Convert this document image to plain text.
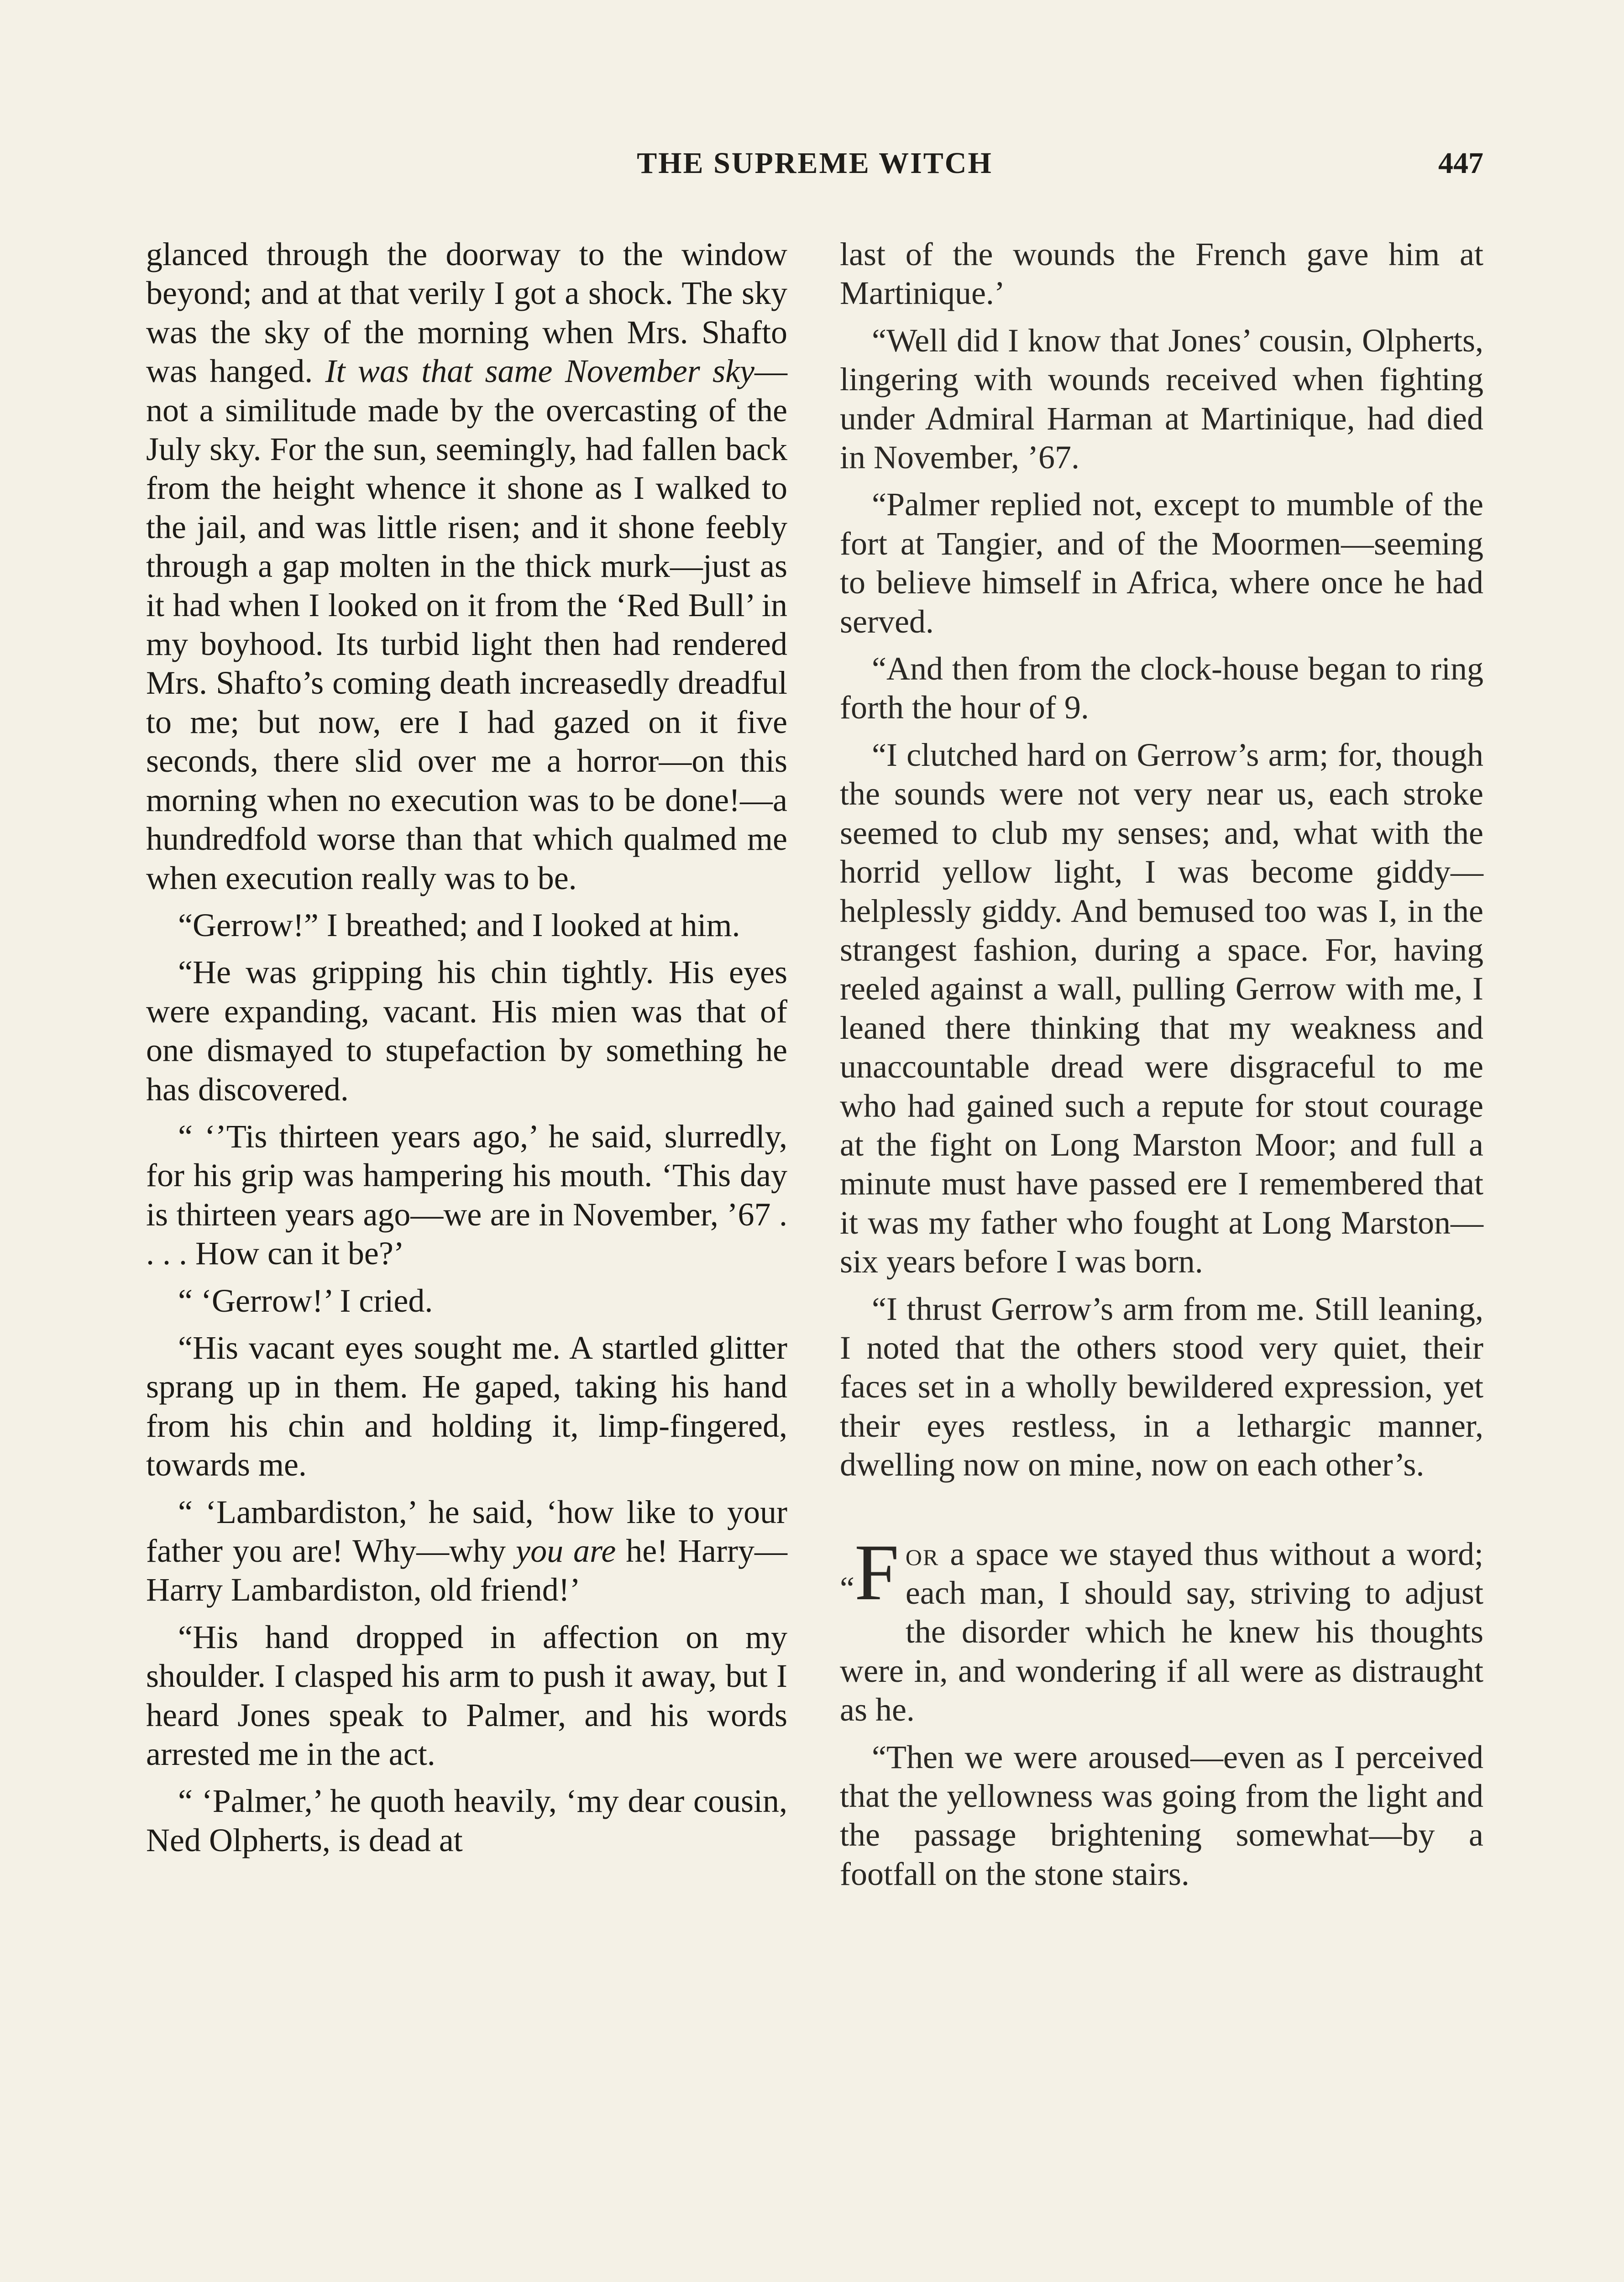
THE SUPREME WITCH	447

glanced through the doorway to the window beyond; and at that verily I got a shock. The sky was the sky of the morning when Mrs. Shafto was hanged. It was that same November sky—not a similitude made by the overcasting of the July sky. For the sun, seemingly, had fallen back from the height whence it shone as I walked to the jail, and was little risen; and it shone feebly through a gap molten in the thick murk—just as it had when I looked on it from the ‘Red Bull’ in my boyhood. Its turbid light then had rendered Mrs. Shafto’s coming death increasedly dreadful to me; but now, ere I had gazed on it five seconds, there slid over me a horror—on this morning when no execution was to be done!—a hundredfold worse than that which qualmed me when execution really was to be.

“Gerrow!” I breathed; and I looked at him.

“He was gripping his chin tightly. His eyes were expanding, vacant. His mien was that of one dismayed to stupefaction by something he has discovered.

“ ‘’Tis thirteen years ago,’ he said, slurredly, for his grip was hampering his mouth. ‘This day is thirteen years ago—we are in November, ’67 . . . . How can it be?’

“ ‘Gerrow!’ I cried.

“His vacant eyes sought me. A startled glitter sprang up in them. He gaped, taking his hand from his chin and holding it, limp-fingered, towards me.

“ ‘Lambardiston,’ he said, ‘how like to your father you are! Why—why you are he! Harry—Harry Lambardiston, old friend!’

“His hand dropped in affection on my shoulder. I clasped his arm to push it away, but I heard Jones speak to Palmer, and his words arrested me in the act.

“ ‘Palmer,’ he quoth heavily, ‘my dear cousin, Ned Olpherts, is dead at

last of the wounds the French gave him at Martinique.’

“Well did I know that Jones’ cousin, Olpherts, lingering with wounds received when fighting under Admiral Harman at Martinique, had died in November, ’67.

“Palmer replied not, except to mumble of the fort at Tangier, and of the Moormen—seeming to believe himself in Africa, where once he had served.

“And then from the clock-house began to ring forth the hour of 9.

“I clutched hard on Gerrow’s arm; for, though the sounds were not very near us, each stroke seemed to club my senses; and, what with the horrid yellow light, I was become giddy—helplessly giddy. And bemused too was I, in the strangest fashion, during a space. For, having reeled against a wall, pulling Gerrow with me, I leaned there thinking that my weakness and unaccountable dread were disgraceful to me who had gained such a repute for stout courage at the fight on Long Marston Moor; and full a minute must have passed ere I remembered that it was my father who fought at Long Marston—six years before I was born.

“I thrust Gerrow’s arm from me. Still leaning, I noted that the others stood very quiet, their faces set in a wholly bewildered expression, yet their eyes restless, in a lethargic manner, dwelling now on mine, now on each other’s.

“F or a space we stayed thus without a word; each man, I should say, striving to adjust the disorder which he knew his thoughts were in, and wondering if all were as distraught as he.

“Then we were aroused—even as I perceived that the yellowness was going from the light and the passage brightening somewhat—by a footfall on the stone stairs.
